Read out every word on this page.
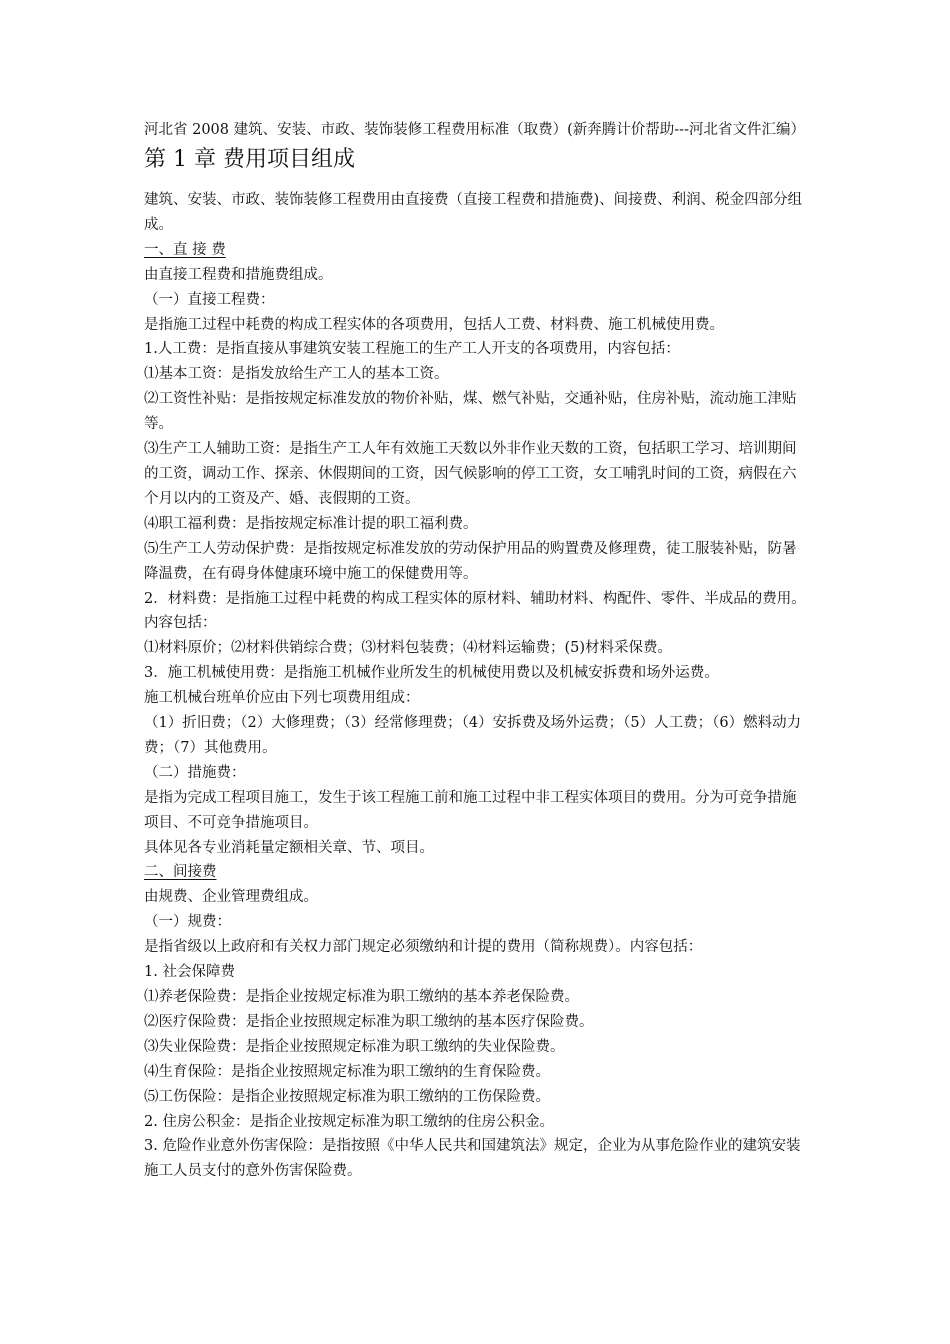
河北省 2008 建筑、安装、市政、装饰装修工程费用标准（取费）(新奔腾计价帮助---河北省文件汇编）

第 1 章 费用项目组成

建筑、安装、市政、装饰装修工程费用由直接费（直接工程费和措施费)、间接费、利润、税金四部分组成。

一、直 接 费

由直接工程费和措施费组成。

（一）直接工程费：

是指施工过程中耗费的构成工程实体的各项费用，包括人工费、材料费、施工机械使用费。

1.人工费：是指直接从事建筑安装工程施工的生产工人开支的各项费用，内容包括：

⑴基本工资：是指发放给生产工人的基本工资。

⑵工资性补贴：是指按规定标准发放的物价补贴，煤、燃气补贴，交通补贴，住房补贴，流动施工津贴等。

⑶生产工人辅助工资：是指生产工人年有效施工天数以外非作业天数的工资，包括职工学习、培训期间的工资，调动工作、探亲、休假期间的工资，因气候影响的停工工资，女工哺乳时间的工资，病假在六个月以内的工资及产、婚、丧假期的工资。

⑷职工福利费：是指按规定标准计提的职工福利费。

⑸生产工人劳动保护费：是指按规定标准发放的劳动保护用品的购置费及修理费，徒工服装补贴，防暑降温费，在有碍身体健康环境中施工的保健费用等。

2．材料费：是指施工过程中耗费的构成工程实体的原材料、辅助材料、构配件、零件、半成品的费用。内容包括：

⑴材料原价；⑵材料供销综合费；⑶材料包装费；⑷材料运输费；(5)材料采保费。

3．施工机械使用费：是指施工机械作业所发生的机械使用费以及机械安拆费和场外运费。

施工机械台班单价应由下列七项费用组成：

（1）折旧费；（2）大修理费；（3）经常修理费；（4）安拆费及场外运费；（5）人工费；（6）燃料动力费；（7）其他费用。

（二）措施费：

是指为完成工程项目施工，发生于该工程施工前和施工过程中非工程实体项目的费用。分为可竞争措施项目、不可竞争措施项目。

具体见各专业消耗量定额相关章、节、项目。

二、间接费

由规费、企业管理费组成。

（一）规费：

是指省级以上政府和有关权力部门规定必须缴纳和计提的费用（简称规费）。内容包括：

1. 社会保障费

⑴养老保险费：是指企业按规定标准为职工缴纳的基本养老保险费。

⑵医疗保险费：是指企业按照规定标准为职工缴纳的基本医疗保险费。

⑶失业保险费：是指企业按照规定标准为职工缴纳的失业保险费。

⑷生育保险：是指企业按照规定标准为职工缴纳的生育保险费。

⑸工伤保险：是指企业按照规定标准为职工缴纳的工伤保险费。

2. 住房公积金：是指企业按规定标准为职工缴纳的住房公积金。

3. 危险作业意外伤害保险：是指按照《中华人民共和国建筑法》规定，企业为从事危险作业的建筑安装施工人员支付的意外伤害保险费。
